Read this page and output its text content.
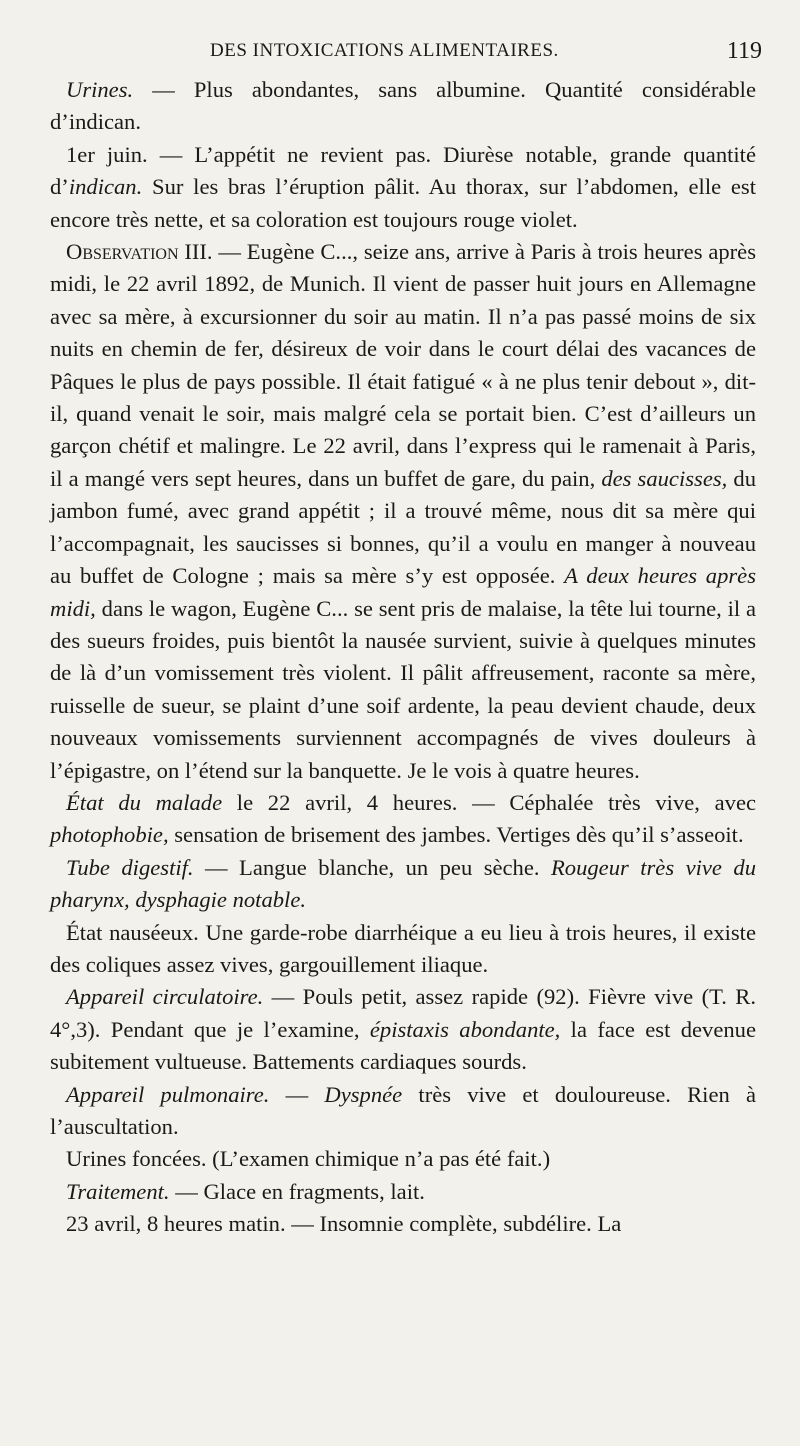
DES INTOXICATIONS ALIMENTAIRES.	119

Urines. — Plus abondantes, sans albumine. Quantité considérable d’indican.

1er juin. — L’appétit ne revient pas. Diurèse notable, grande quantité d’indican. Sur les bras l’éruption pâlit. Au thorax, sur l’abdomen, elle est encore très nette, et sa coloration est toujours rouge violet.

Observation III. — Eugène C..., seize ans, arrive à Paris à trois heures après midi, le 22 avril 1892, de Munich. Il vient de passer huit jours en Allemagne avec sa mère, à excursionner du soir au matin. Il n’a pas passé moins de six nuits en chemin de fer, désireux de voir dans le court délai des vacances de Pâques le plus de pays possible. Il était fatigué « à ne plus tenir debout », dit-il, quand venait le soir, mais malgré cela se portait bien. C’est d’ailleurs un garçon chétif et malingre. Le 22 avril, dans l’express qui le ramenait à Paris, il a mangé vers sept heures, dans un buffet de gare, du pain, des saucisses, du jambon fumé, avec grand appétit ; il a trouvé même, nous dit sa mère qui l’accompagnait, les saucisses si bonnes, qu’il a voulu en manger à nouveau au buffet de Cologne ; mais sa mère s’y est opposée. A deux heures après midi, dans le wagon, Eugène C... se sent pris de malaise, la tête lui tourne, il a des sueurs froides, puis bientôt la nausée survient, suivie à quelques minutes de là d’un vomissement très violent. Il pâlit affreusement, raconte sa mère, ruisselle de sueur, se plaint d’une soif ardente, la peau devient chaude, deux nouveaux vomissements surviennent accompagnés de vives douleurs à l’épigastre, on l’étend sur la banquette. Je le vois à quatre heures.

État du malade le 22 avril, 4 heures. — Céphalée très vive, avec photophobie, sensation de brisement des jambes. Vertiges dès qu’il s’asseoit.

Tube digestif. — Langue blanche, un peu sèche. Rougeur très vive du pharynx, dysphagie notable.

État nauséeux. Une garde-robe diarrhéique a eu lieu à trois heures, il existe des coliques assez vives, gargouillement iliaque.

Appareil circulatoire. — Pouls petit, assez rapide (92). Fièvre vive (T. R. 4°,3). Pendant que je l’examine, épistaxis abondante, la face est devenue subitement vultueuse. Battements cardiaques sourds.

Appareil pulmonaire. — Dyspnée très vive et douloureuse. Rien à l’auscultation.

Urines foncées. (L’examen chimique n’a pas été fait.)

Traitement. — Glace en fragments, lait.

23 avril, 8 heures matin. — Insomnie complète, subdélire. La
